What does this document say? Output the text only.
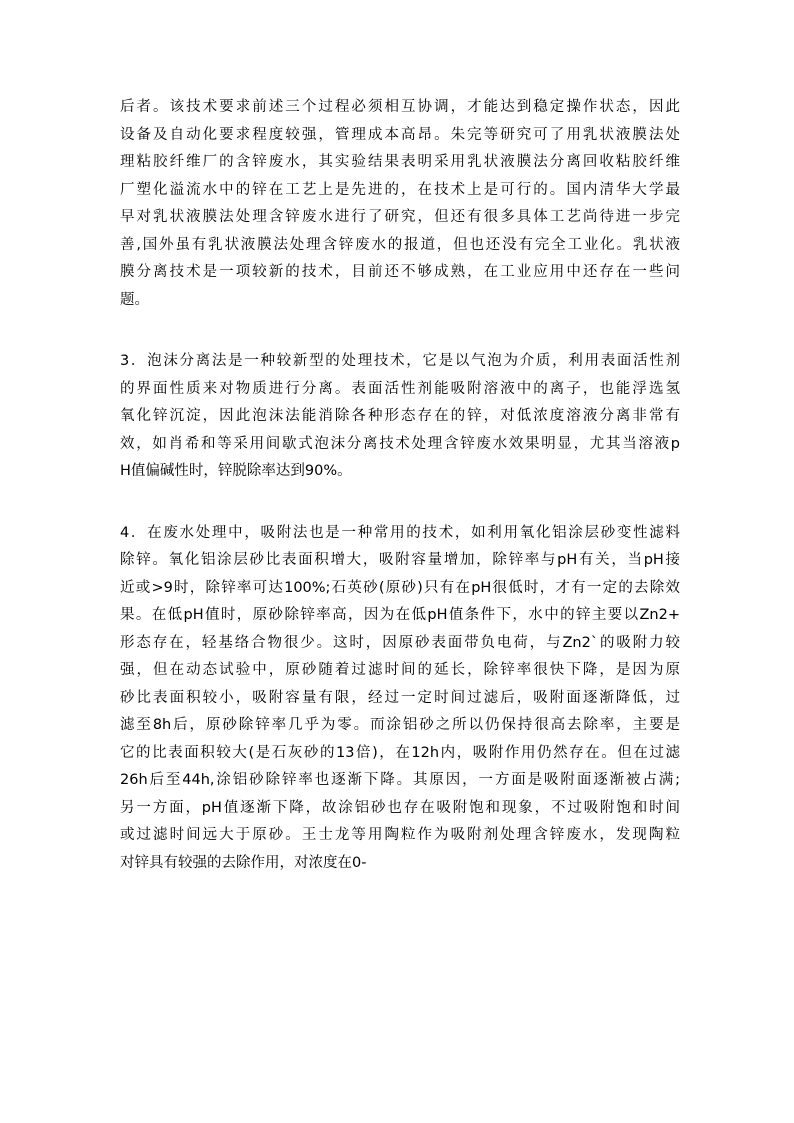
后者。该技术要求前述三个过程必须相互协调，才能达到稳定操作状态，因此
设备及自动化要求程度较强，管理成本高昂。朱完等研究可了用乳状液膜法处
理粘胶纤维厂的含锌废水，其实验结果表明采用乳状液膜法分离回收粘胶纤维
厂塑化溢流水中的锌在工艺上是先进的，在技术上是可行的。国内清华大学最
早对乳状液膜法处理含锌废水进行了研究，但还有很多具体工艺尚待进一步完
善,国外虽有乳状液膜法处理含锌废水的报道，但也还没有完全工业化。乳状液
膜分离技术是一项较新的技术，目前还不够成熟，在工业应用中还存在一些问
题。
3．泡沫分离法是一种较新型的处理技术，它是以气泡为介质，利用表面活性剂
的界面性质来对物质进行分离。表面活性剂能吸附溶液中的离子，也能浮选氢
氧化锌沉淀，因此泡沫法能消除各种形态存在的锌，对低浓度溶液分离非常有
效，如肖希和等采用间歇式泡沫分离技术处理含锌废水效果明显，尤其当溶液p
H值偏碱性时，锌脱除率达到90%。
4．在废水处理中，吸附法也是一种常用的技术，如利用氧化铝涂层砂变性滤料
除锌。氧化铝涂层砂比表面积增大，吸附容量增加，除锌率与pH有关，当pH接
近或>9时，除锌率可达100%;石英砂(原砂)只有在pH很低时，才有一定的去除效
果。在低pH值时，原砂除锌率高，因为在低pH值条件下，水中的锌主要以Zn2+
形态存在，轻基络合物很少。这时，因原砂表面带负电荷，与Zn2`的吸附力较
强，但在动态试验中，原砂随着过滤时间的延长，除锌率很快下降，是因为原
砂比表面积较小，吸附容量有限，经过一定时间过滤后，吸附面逐渐降低，过
滤至8h后，原砂除锌率几乎为零。而涂铝砂之所以仍保持很高去除率，主要是
它的比表面积较大(是石灰砂的13倍)，在12h内，吸附作用仍然存在。但在过滤
26h后至44h,涂铝砂除锌率也逐渐下降。其原因，一方面是吸附面逐渐被占满;
另一方面，pH值逐渐下降，故涂铝砂也存在吸附饱和现象，不过吸附饱和时间
或过滤时间远大于原砂。王士龙等用陶粒作为吸附剂处理含锌废水，发现陶粒
对锌具有较强的去除作用，对浓度在0-
